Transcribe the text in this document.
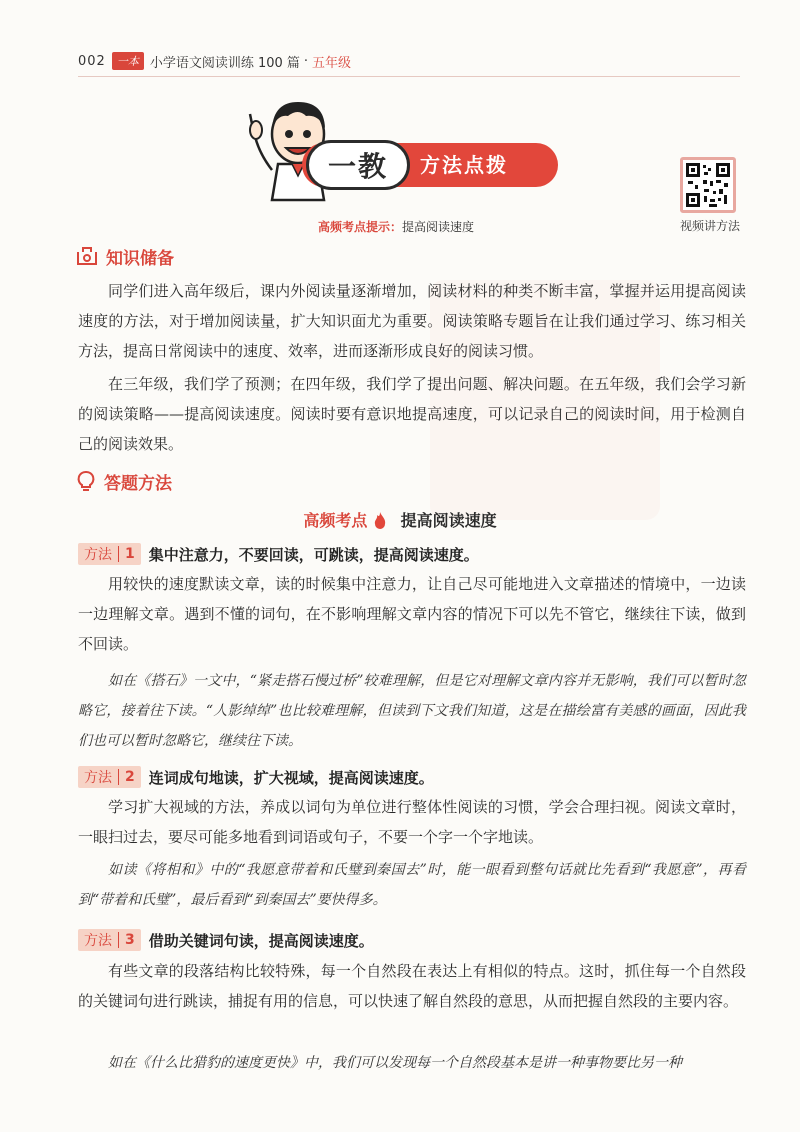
002	一本 小学语文阅读训练 100 篇 · 五年级
一教	方法点拨
视频讲方法
高频考点提示：提高阅读速度
知识储备

同学们进入高年级后，课内外阅读量逐渐增加，阅读材料的种类不断丰富，掌握并运用提高阅读速度的方法，对于增加阅读量，扩大知识面尤为重要。阅读策略专题旨在让我们通过学习、练习相关方法，提高日常阅读中的速度、效率，进而逐渐形成良好的阅读习惯。

在三年级，我们学了预测；在四年级，我们学了提出问题、解决问题。在五年级，我们会学习新的阅读策略——提高阅读速度。阅读时要有意识地提高速度，可以记录自己的阅读时间，用于检测自己的阅读效果。

答题方法
高频考点 提高阅读速度
方法 1 集中注意力，不要回读，可跳读，提高阅读速度。

用较快的速度默读文章，读的时候集中注意力，让自己尽可能地进入文章描述的情境中，一边读一边理解文章。遇到不懂的词句，在不影响理解文章内容的情况下可以先不管它，继续往下读，做到不回读。

如在《搭石》一文中，“紧走搭石慢过桥”较难理解，但是它对理解文章内容并无影响，我们可以暂时忽略它，接着往下读。“人影绰绰”也比较难理解，但读到下文我们知道，这是在描绘富有美感的画面，因此我们也可以暂时忽略它，继续往下读。

方法 2 连词成句地读，扩大视域，提高阅读速度。

学习扩大视域的方法，养成以词句为单位进行整体性阅读的习惯，学会合理扫视。阅读文章时，一眼扫过去，要尽可能多地看到词语或句子，不要一个字一个字地读。

如读《将相和》中的“我愿意带着和氏璧到秦国去”时，能一眼看到整句话就比先看到“我愿意”，再看到“带着和氏璧”，最后看到“到秦国去”要快得多。

方法 3 借助关键词句读，提高阅读速度。

有些文章的段落结构比较特殊，每一个自然段在表达上有相似的特点。这时，抓住每一个自然段的关键词句进行跳读，捕捉有用的信息，可以快速了解自然段的意思，从而把握自然段的主要内容。

如在《什么比猎豹的速度更快》中，我们可以发现每一个自然段基本是讲一种事物要比另一种
